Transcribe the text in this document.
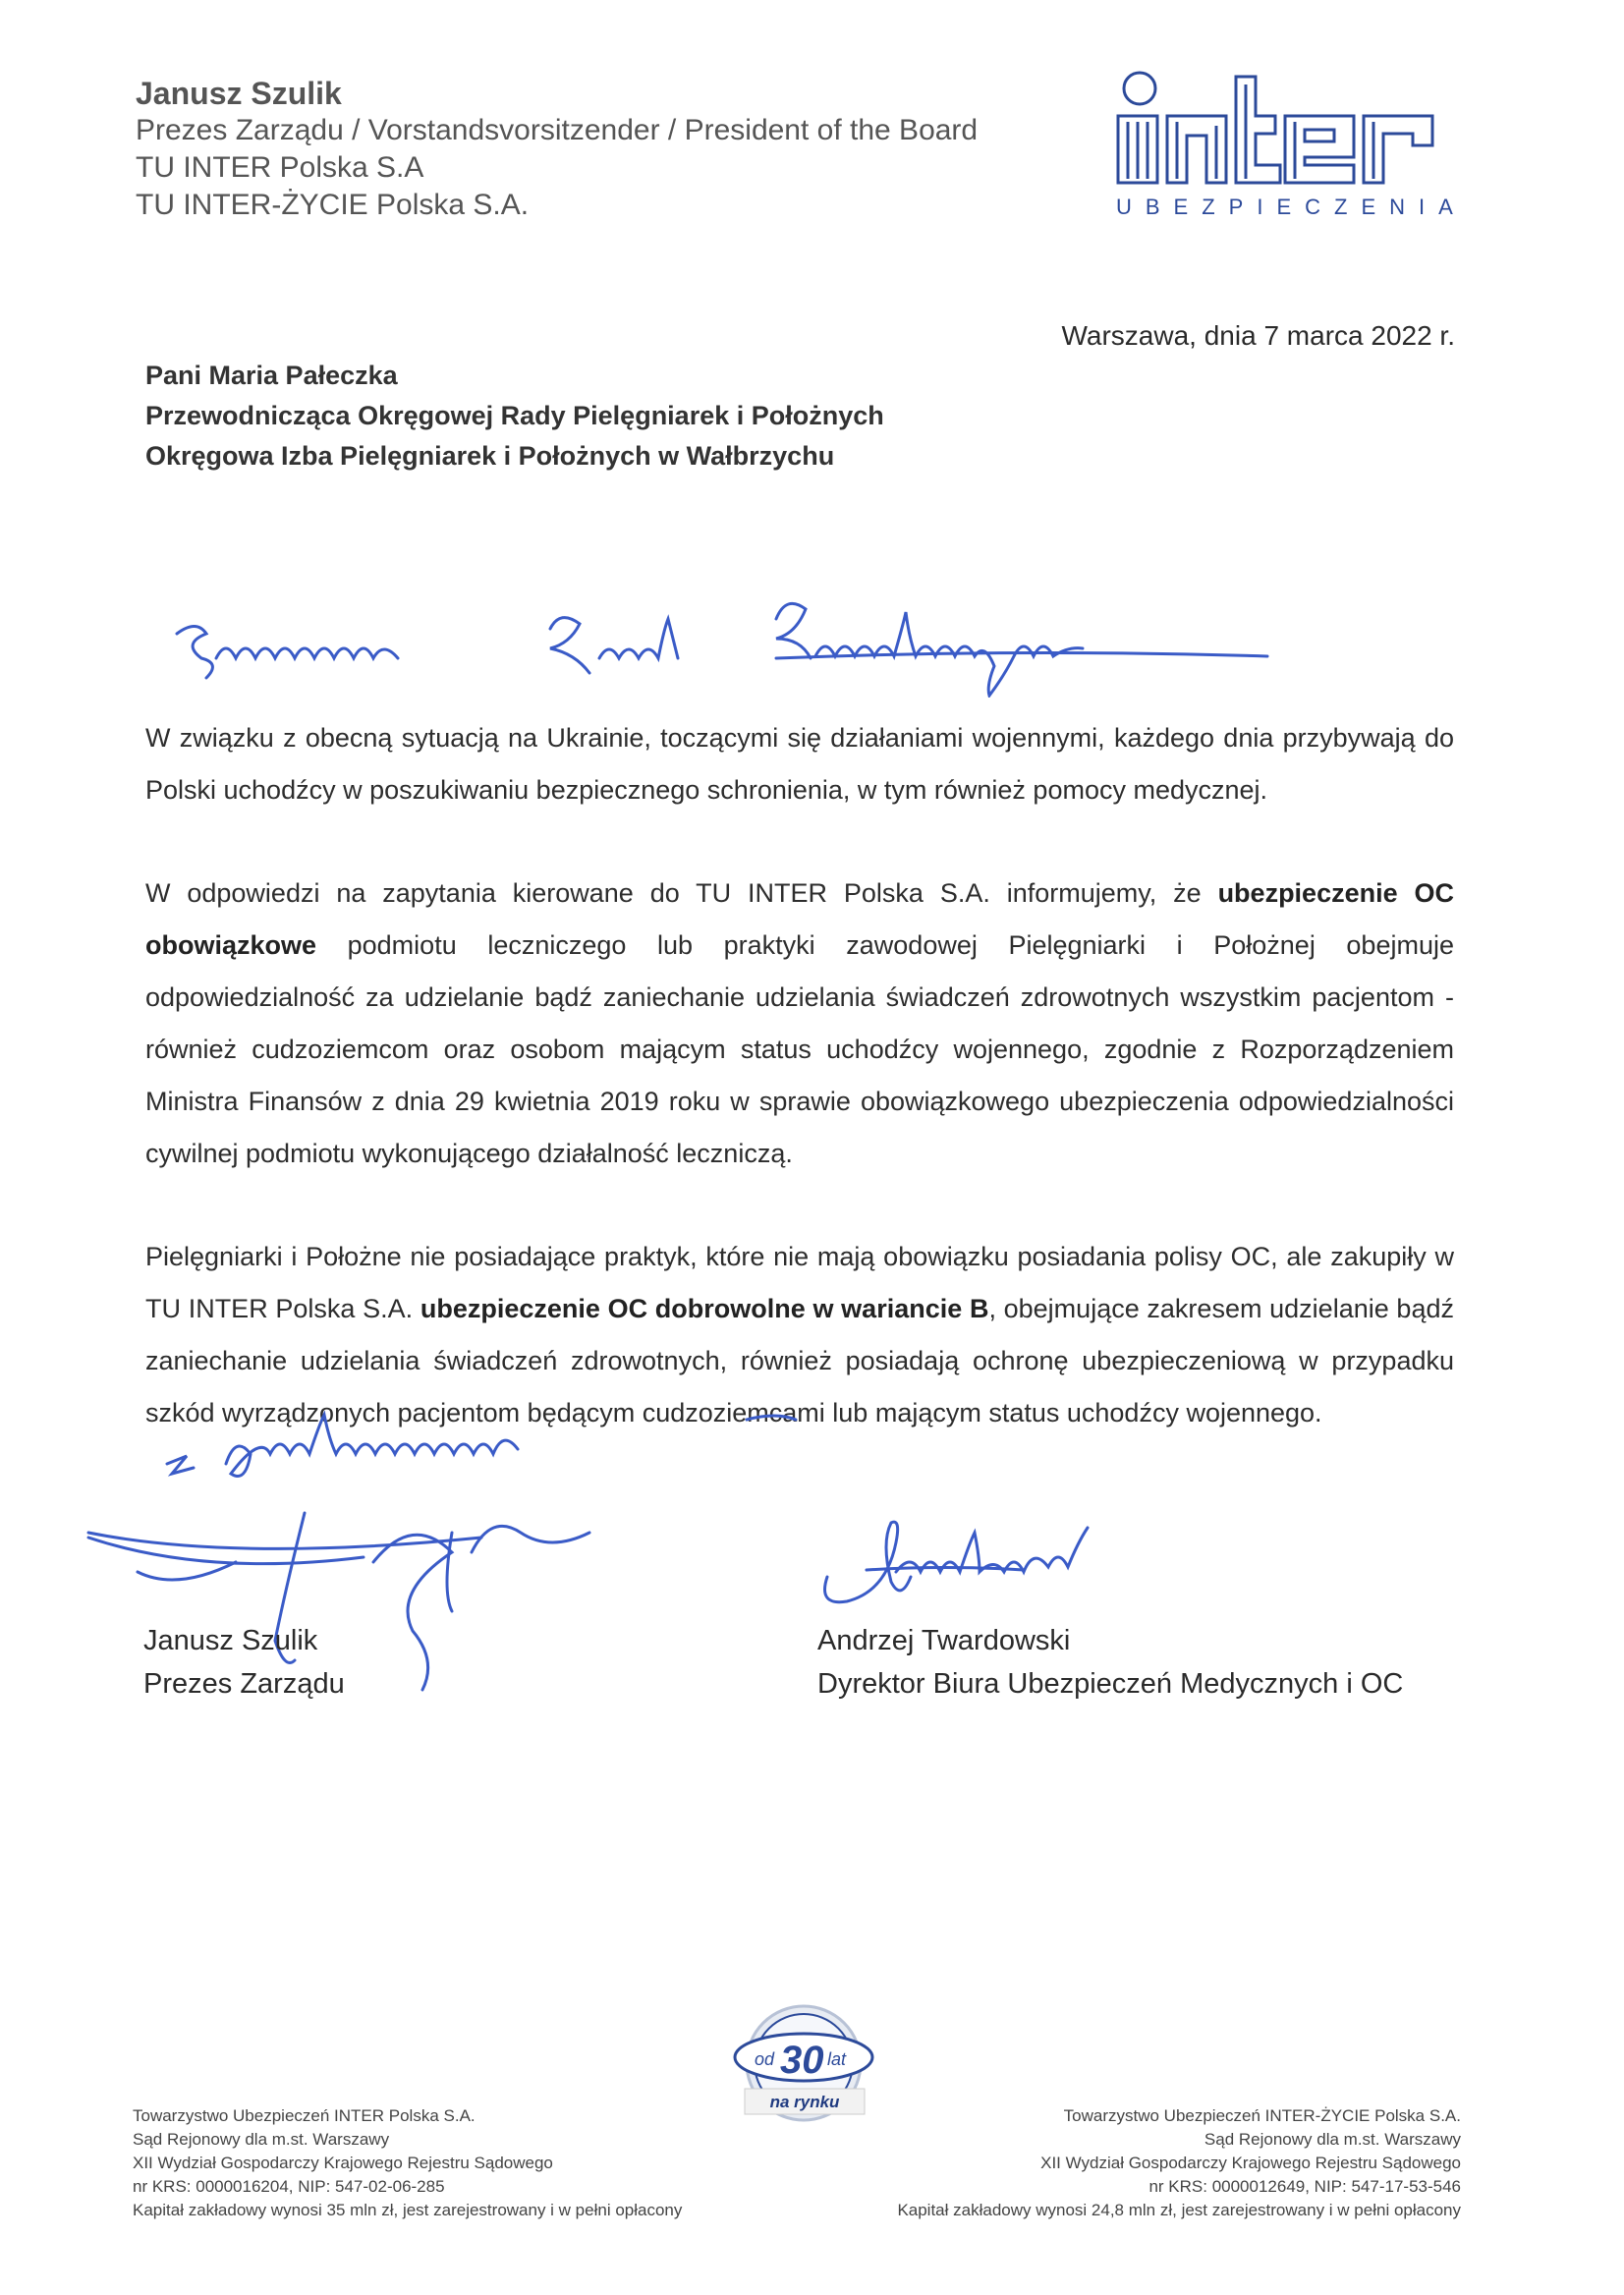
Janusz Szulik
Prezes Zarządu / Vorstandsvorsitzender / President of the Board
TU INTER Polska S.A
TU INTER-ŻYCIE Polska S.A.	UBEZPIECZENIA
Warszawa, dnia 7 marca 2022 r.
Pani Maria Pałeczka
Przewodnicząca Okręgowej Rady Pielęgniarek i Położnych
Okręgowa Izba Pielęgniarek i Położnych w Wałbrzychu

W związku z obecną sytuacją na Ukrainie, toczącymi się działaniami wojennymi, każdego dnia przybywają do Polski uchodźcy w poszukiwaniu bezpiecznego schronienia, w tym również pomocy medycznej.

W odpowiedzi na zapytania kierowane do TU INTER Polska S.A. informujemy, że ubezpieczenie OC obowiązkowe podmiotu leczniczego lub praktyki zawodowej Pielęgniarki i Położnej obejmuje odpowiedzialność za udzielanie bądź zaniechanie udzielania świadczeń zdrowotnych wszystkim pacjentom - również cudzoziemcom oraz osobom mającym status uchodźcy wojennego, zgodnie z Rozporządzeniem Ministra Finansów z dnia 29 kwietnia 2019 roku w sprawie obowiązkowego ubezpieczenia odpowiedzialności cywilnej podmiotu wykonującego działalność leczniczą.

Pielęgniarki i Położne nie posiadające praktyk, które nie mają obowiązku posiadania polisy OC, ale zakupiły w TU INTER Polska S.A. ubezpieczenie OC dobrowolne w wariancie B, obejmujące zakresem udzielanie bądź zaniechanie udzielania świadczeń zdrowotnych, również posiadają ochronę ubezpieczeniową w przypadku szkód wyrządzonych pacjentom będącym cudzoziemcami lub mającym status uchodźcy wojennego.

Janusz Szulik
Prezes Zarządu
Andrzej Twardowski
Dyrektor Biura Ubezpieczeń Medycznych i OC
od 30 lat
na rynku
Towarzystwo Ubezpieczeń INTER Polska S.A.
Sąd Rejonowy dla m.st. Warszawy
XII Wydział Gospodarczy Krajowego Rejestru Sądowego
nr KRS: 0000016204, NIP: 547-02-06-285
Kapitał zakładowy wynosi 35 mln zł, jest zarejestrowany i w pełni opłacony
Towarzystwo Ubezpieczeń INTER-ŻYCIE Polska S.A.
Sąd Rejonowy dla m.st. Warszawy
XII Wydział Gospodarczy Krajowego Rejestru Sądowego
nr KRS: 0000012649, NIP: 547-17-53-546
Kapitał zakładowy wynosi 24,8 mln zł, jest zarejestrowany i w pełni opłacony
